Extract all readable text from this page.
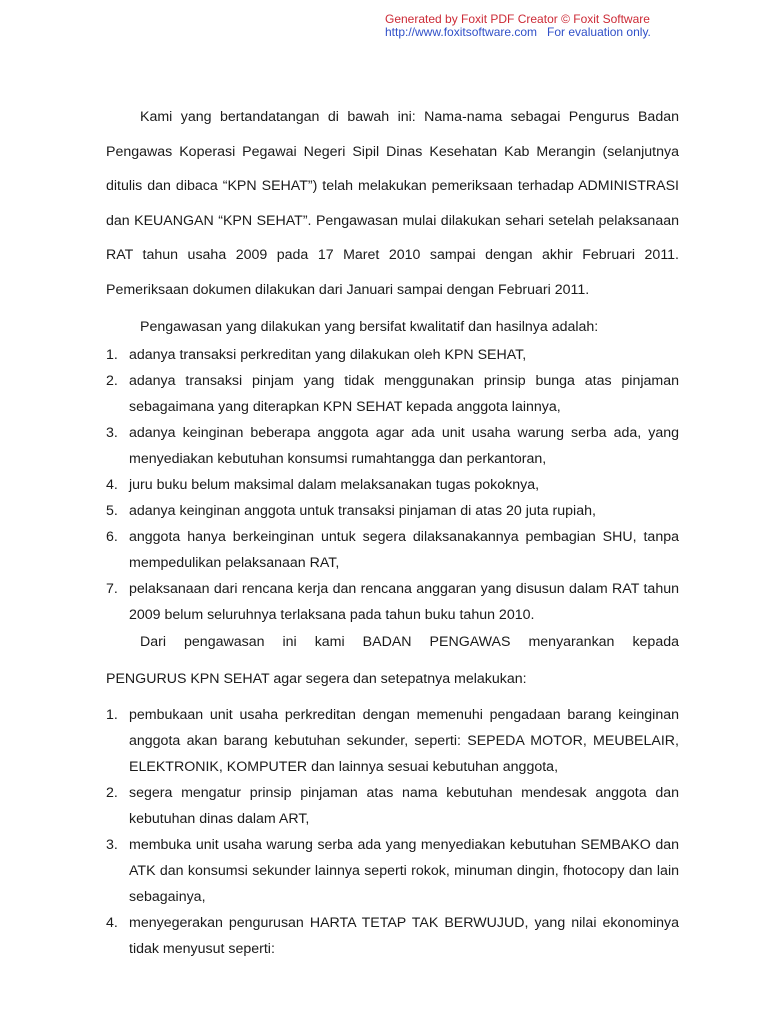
Generated by Foxit PDF Creator © Foxit Software
http://www.foxitsoftware.com   For evaluation only.

Kami yang bertandatangan di bawah ini: Nama-nama sebagai Pengurus Badan Pengawas Koperasi Pegawai Negeri Sipil Dinas Kesehatan Kab Merangin (selanjutnya ditulis dan dibaca “KPN SEHAT”) telah melakukan pemeriksaan terhadap ADMINISTRASI dan KEUANGAN “KPN SEHAT”. Pengawasan mulai dilakukan sehari setelah pelaksanaan RAT tahun usaha 2009 pada 17 Maret 2010 sampai dengan akhir Februari 2011. Pemeriksaan dokumen dilakukan dari Januari sampai dengan Februari 2011.

Pengawasan yang dilakukan yang bersifat kwalitatif dan hasilnya adalah:

1. adanya transaksi perkreditan yang dilakukan oleh KPN SEHAT,
2. adanya transaksi pinjam yang tidak menggunakan prinsip bunga atas pinjaman sebagaimana yang diterapkan KPN SEHAT kepada anggota lainnya,
3. adanya keinginan beberapa anggota agar ada unit usaha warung serba ada, yang menyediakan kebutuhan konsumsi rumahtangga dan perkantoran,
4. juru buku belum maksimal dalam melaksanakan tugas pokoknya,
5. adanya keinginan anggota untuk transaksi pinjaman di atas 20 juta rupiah,
6. anggota hanya berkeinginan untuk segera dilaksanakannya pembagian SHU, tanpa mempedulikan pelaksanaan RAT,
7. pelaksanaan dari rencana kerja dan rencana anggaran yang disusun dalam RAT tahun 2009 belum seluruhnya terlaksana pada tahun buku tahun 2010.

Dari pengawasan ini kami BADAN PENGAWAS menyarankan kepada

PENGURUS KPN SEHAT agar segera dan setepatnya melakukan:

1. pembukaan unit usaha perkreditan dengan memenuhi pengadaan barang keinginan anggota akan barang kebutuhan sekunder, seperti: SEPEDA MOTOR, MEUBELAIR, ELEKTRONIK, KOMPUTER dan lainnya sesuai kebutuhan anggota,
2. segera mengatur prinsip pinjaman atas nama kebutuhan mendesak anggota dan kebutuhan dinas dalam ART,
3. membuka unit usaha warung serba ada yang menyediakan kebutuhan SEMBAKO dan ATK dan konsumsi sekunder lainnya seperti rokok, minuman dingin, fhotocopy dan lain sebagainya,
4. menyegerakan pengurusan HARTA TETAP TAK BERWUJUD, yang nilai ekonominya tidak menyusut seperti:
